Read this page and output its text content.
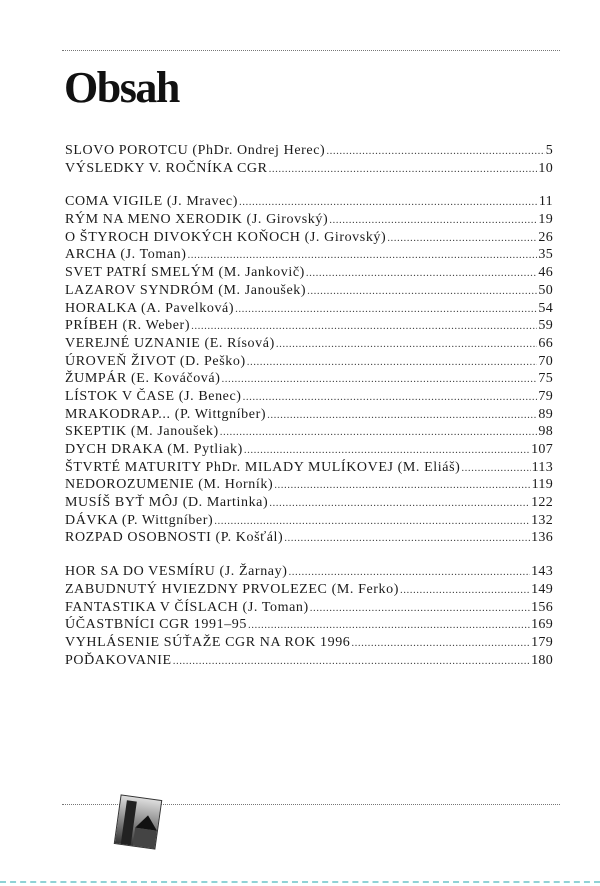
Obsah
SLOVO POROTCU (PhDr. Ondrej Herec) .....	5
VÝSLEDKY V. ROČNÍKA CGR .....	10
COMA VIGILE (J. Mravec) .....	11
RÝM NA MENO XERODIK (J. Girovský) .....	19
O ŠTYROCH DIVOKÝCH KOŇOCH (J. Girovský) .....	26
ARCHA (J. Toman) .....	35
SVET PATRÍ SMELÝM (M. Jankovič) .....	46
LAZAROV SYNDRÓM (M. Janoušek) .....	50
HORALKA (A. Pavelková) .....	54
PRÍBEH (R. Weber) .....	59
VEREJNÉ UZNANIE (E. Rísová) .....	66
ÚROVEŇ ŽIVOT (D. Peško) .....	70
ŽUMPÁR (E. Kováčová) .....	75
LÍSTOK V ČASE (J. Benec) .....	79
MRAKODRAP... (P. Wittgníber) .....	89
SKEPTIK (M. Janoušek) .....	98
DYCH DRAKA (M. Pytliak) .....	107
ŠTVRTÉ MATURITY PhDr. MILADY MULÍKOVEJ (M. Eliáš) .....	113
NEDOROZUMENIE (M. Horník) .....	119
MUSÍŠ BYŤ MÔJ (D. Martinka) .....	122
DÁVKA (P. Wittgníber) .....	132
ROZPAD OSOBNOSTI (P. Košťál) .....	136
HOR SA DO VESMÍRU (J. Žarnay) .....	143
ZABUDNUTÝ HVIEZDNY PRVOLEZEC (M. Ferko) .....	149
FANTASTIKA V ČÍSLACH (J. Toman) .....	156
ÚČASTBNÍCI CGR 1991–95 .....	169
VYHLÁSENIE SÚŤAŽE CGR NA ROK 1996 .....	179
POĎAKOVANIE .....	180
